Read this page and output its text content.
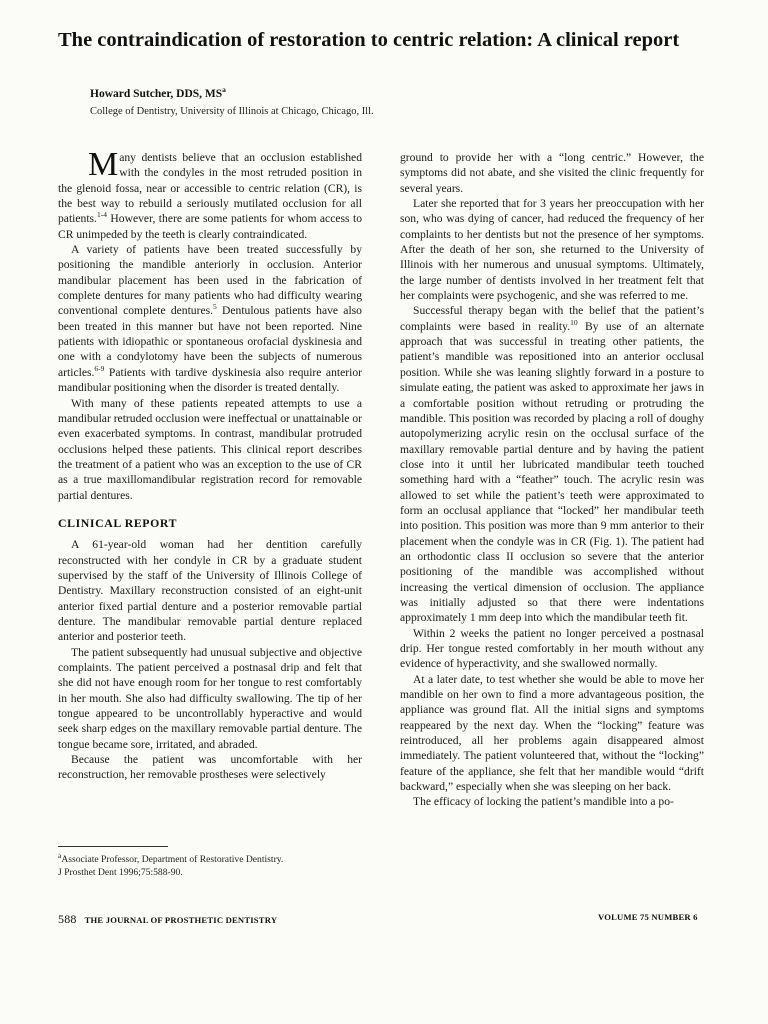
The contraindication of restoration to centric relation: A clinical report

Howard Sutcher, DDS, $MS^a$

College of Dentistry, University of Illinois at Chicago, Chicago, Ill.

Many dentists believe that an occlusion established with the condyles in the most retruded position in the glenoid fossa, near or accessible to centric relation (CR), is the best way to rebuild a seriously mutilated occlusion for all patients.$^{1-4}$ However, there are some patients for whom access to CR unimpeded by the teeth is clearly contraindicated.

A variety of patients have been treated successfully by positioning the mandible anteriorly in occlusion. Anterior mandibular placement has been used in the fabrication of complete dentures for many patients who had difficulty wearing conventional complete dentures.$^5$ Dentulous patients have also been treated in this manner but have not been reported. Nine patients with idiopathic or spontaneous orofacial dyskinesia and one with a condylotomy have been the subjects of numerous articles.$^{6-9}$ Patients with tardive dyskinesia also require anterior mandibular positioning when the disorder is treated dentally.

With many of these patients repeated attempts to use a mandibular retruded occlusion were ineffectual or unattainable or even exacerbated symptoms. In contrast, mandibular protruded occlusions helped these patients. This clinical report describes the treatment of a patient who was an exception to the use of CR as a true maxillomandibular registration record for removable partial dentures.

CLINICAL REPORT

A 61-year-old woman had her dentition carefully reconstructed with her condyle in CR by a graduate student supervised by the staff of the University of Illinois College of Dentistry. Maxillary reconstruction consisted of an eight-unit anterior fixed partial denture and a posterior removable partial denture. The mandibular removable partial denture replaced anterior and posterior teeth.

The patient subsequently had unusual subjective and objective complaints. The patient perceived a postnasal drip and felt that she did not have enough room for her tongue to rest comfortably in her mouth. She also had difficulty swallowing. The tip of her tongue appeared to be uncontrollably hyperactive and would seek sharp edges on the maxillary removable partial denture. The tongue became sore, irritated, and abraded.

Because the patient was uncomfortable with her reconstruction, her removable prostheses were selectively

ground to provide her with a “long centric.” However, the symptoms did not abate, and she visited the clinic frequently for several years.

Later she reported that for 3 years her preoccupation with her son, who was dying of cancer, had reduced the frequency of her complaints to her dentists but not the presence of her symptoms. After the death of her son, she returned to the University of Illinois with her numerous and unusual symptoms. Ultimately, the large number of dentists involved in her treatment felt that her complaints were psychogenic, and she was referred to me.

Successful therapy began with the belief that the patient’s complaints were based in reality.$^{10}$ By use of an alternate approach that was successful in treating other patients, the patient’s mandible was repositioned into an anterior occlusal position. While she was leaning slightly forward in a posture to simulate eating, the patient was asked to approximate her jaws in a comfortable position without retruding or protruding the mandible. This position was recorded by placing a roll of doughy autopolymerizing acrylic resin on the occlusal surface of the maxillary removable partial denture and by having the patient close into it until her lubricated mandibular teeth touched something hard with a “feather” touch. The acrylic resin was allowed to set while the patient’s teeth were approximated to form an occlusal appliance that “locked” her mandibular teeth into position. This position was more than 9 mm anterior to their placement when the condyle was in CR (Fig. 1). The patient had an orthodontic class II occlusion so severe that the anterior positioning of the mandible was accomplished without increasing the vertical dimension of occlusion. The appliance was initially adjusted so that there were indentations approximately 1 mm deep into which the mandibular teeth fit.

Within 2 weeks the patient no longer perceived a postnasal drip. Her tongue rested comfortably in her mouth without any evidence of hyperactivity, and she swallowed normally.

At a later date, to test whether she would be able to move her mandible on her own to find a more advantageous position, the appliance was ground flat. All the initial signs and symptoms reappeared by the next day. When the “locking” feature was reintroduced, all her problems again disappeared almost immediately. The patient volunteered that, without the “locking” feature of the appliance, she felt that her mandible would “drift backward,” especially when she was sleeping on her back.

The efficacy of locking the patient’s mandible into a po-

$^a$Associate Professor, Department of Restorative Dentistry.
J Prosthet Dent 1996;75:588-90.

588 THE JOURNAL OF PROSTHETIC DENTISTRY	VOLUME 75 NUMBER 6
